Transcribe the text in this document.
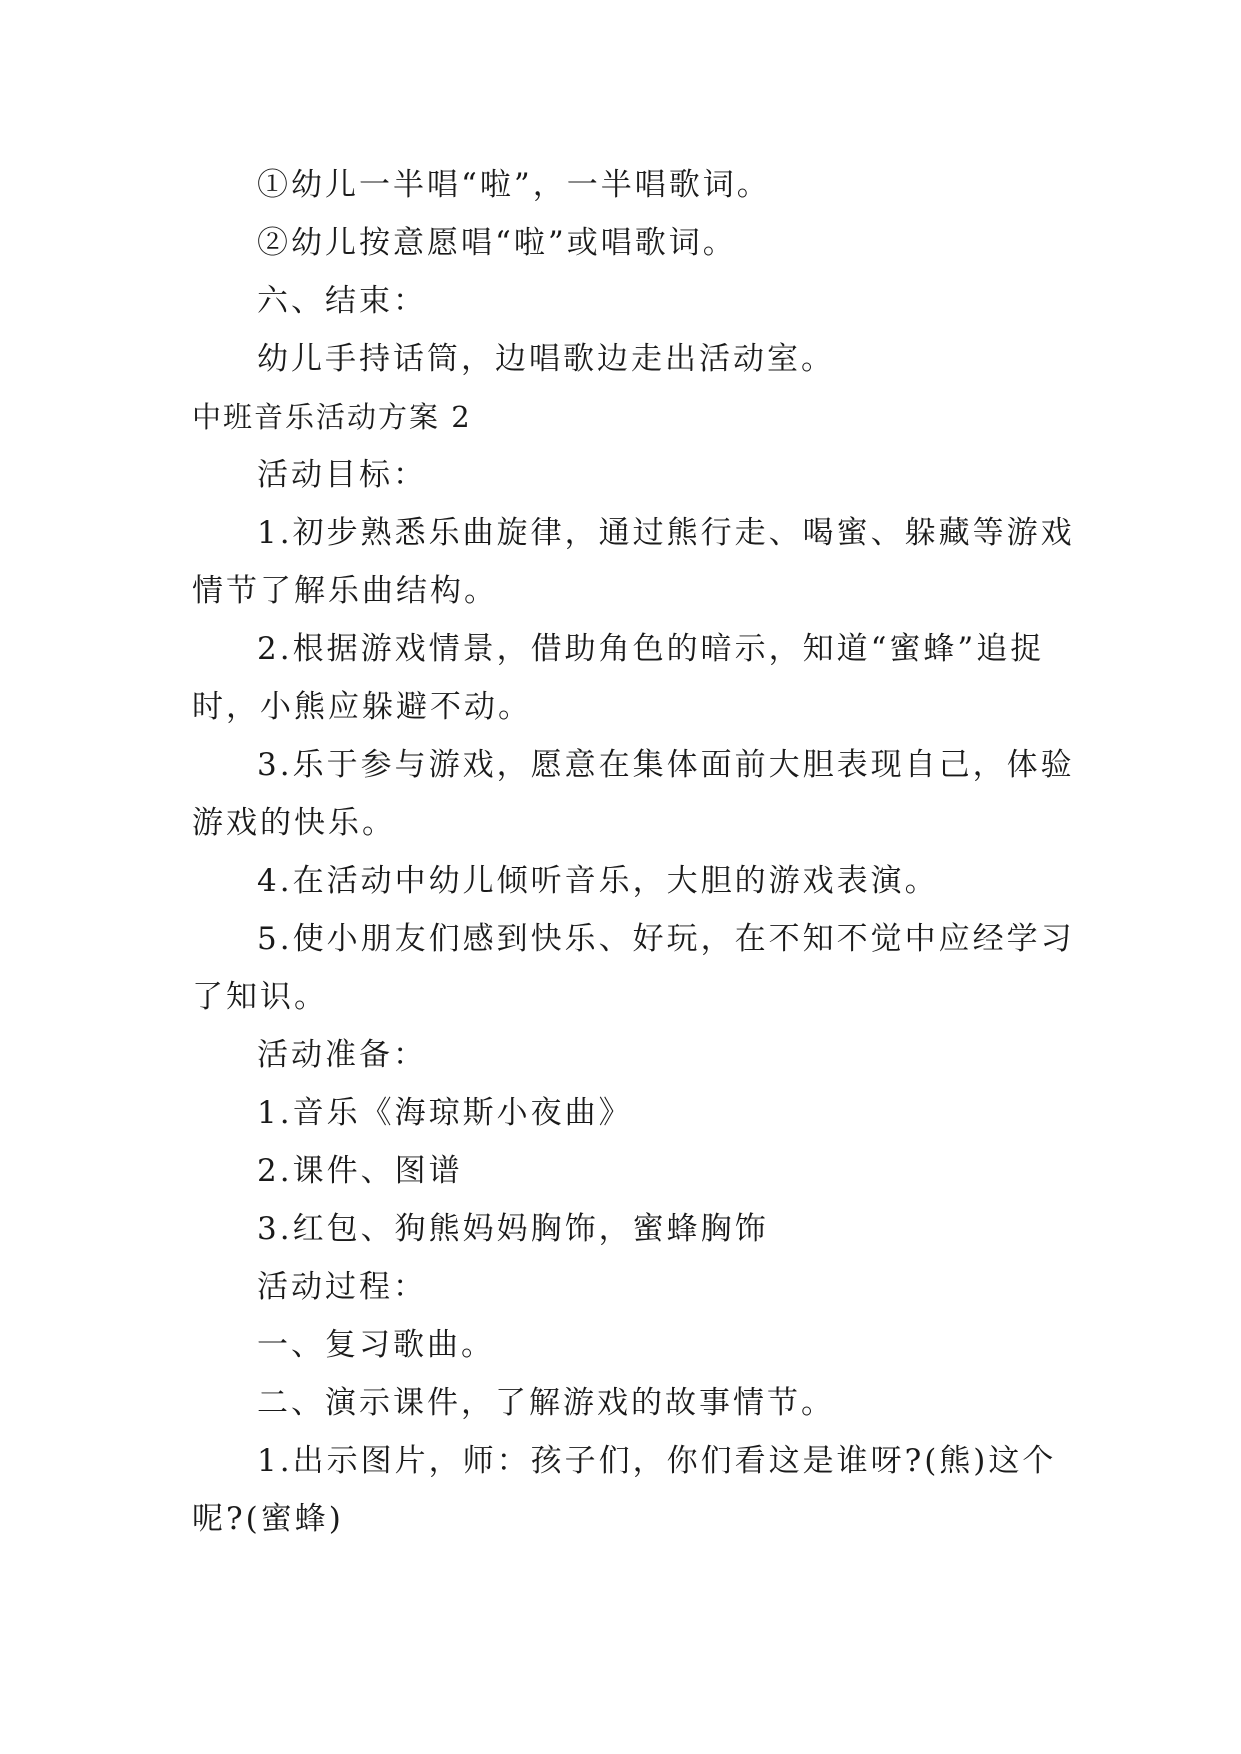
①幼儿一半唱“啦”，一半唱歌词。
②幼儿按意愿唱“啦”或唱歌词。
六、结束：
幼儿手持话筒，边唱歌边走出活动室。
中班音乐活动方案 2
活动目标：
1.初步熟悉乐曲旋律，通过熊行走、喝蜜、躲藏等游戏
情节了解乐曲结构。
2.根据游戏情景，借助角色的暗示，知道“蜜蜂”追捉
时，小熊应躲避不动。
3.乐于参与游戏，愿意在集体面前大胆表现自己，体验
游戏的快乐。
4.在活动中幼儿倾听音乐，大胆的游戏表演。
5.使小朋友们感到快乐、好玩，在不知不觉中应经学习
了知识。
活动准备：
1.音乐《海琼斯小夜曲》
2.课件、图谱
3.红包、狗熊妈妈胸饰，蜜蜂胸饰
活动过程：
一、复习歌曲。
二、演示课件，了解游戏的故事情节。
1.出示图片，师：孩子们，你们看这是谁呀?(熊)这个
呢?(蜜蜂)
